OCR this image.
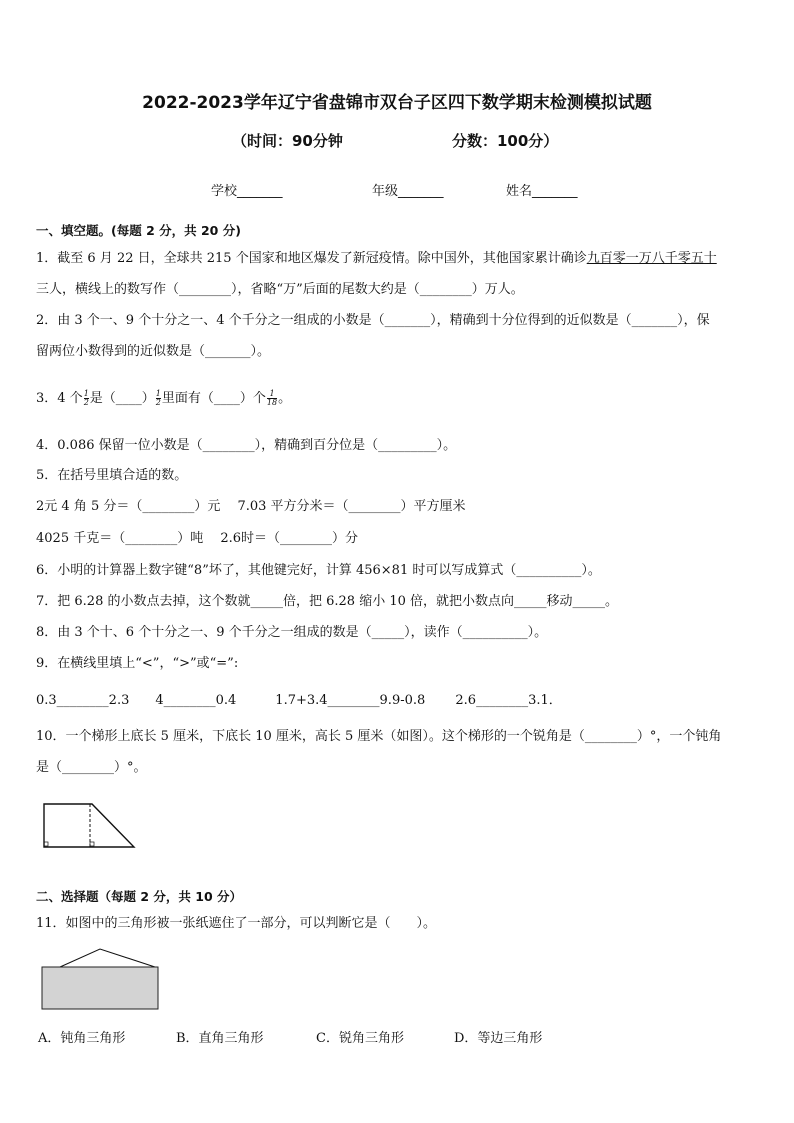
2022-2023学年辽宁省盘锦市双台子区四下数学期末检测模拟试题
（时间：90分钟	分数：100分）
学校_______	年级_______	姓名_______
一、填空题。(每题 2 分，共 20 分)
1．截至 6 月 22 日，全球共 215 个国家和地区爆发了新冠疫情。除中国外，其他国家累计确诊九百零一万八千零五十
三人，横线上的数写作（________），省略“万”后面的尾数大约是（________）万人。
2．由 3 个一、9 个十分之一、4 个千分之一组成的小数是（_______），精确到十分位得到的近似数是（_______），保
留两位小数得到的近似数是（_______）。
3．4 个 $\frac{1}{2}$ 是（____） $\frac{1}{2}$ 里面有（____）个 $\frac{1}{18}$ 。
4．0.086 保留一位小数是（________），精确到百分位是（_________）。
5．在括号里填合适的数。
2元 4 角 5 分＝（________）元　 7.03 平方分米＝（________）平方厘米
4025 千克＝（________）吨　 2.6时＝（________）分
6．小明的计算器上数字键“8”坏了，其他键完好，计算 456×81 时可以写成算式（__________）。
7．把 6.28 的小数点去掉，这个数就_____倍，把 6.28 缩小 10 倍，就把小数点向_____移动_____。
8．由 3 个十、6 个十分之一、9 个千分之一组成的数是（_____），读作（__________）。
9．在横线里填上“<”，“>”或“=”:
0.3________2.3　　4________0.4　　　1.7+3.4________9.9-0.8　　 2.6________3.1．
10．一个梯形上底长 5 厘米，下底长 10 厘米，高长 5 厘米（如图）。这个梯形的一个锐角是（________）°，一个钝角
是（________）°。
二、选择题（每题 2 分，共 10 分）
11．如图中的三角形被一张纸遮住了一部分，可以判断它是（　　）。
A．钝角三角形	B．直角三角形	C．锐角三角形	D．等边三角形
